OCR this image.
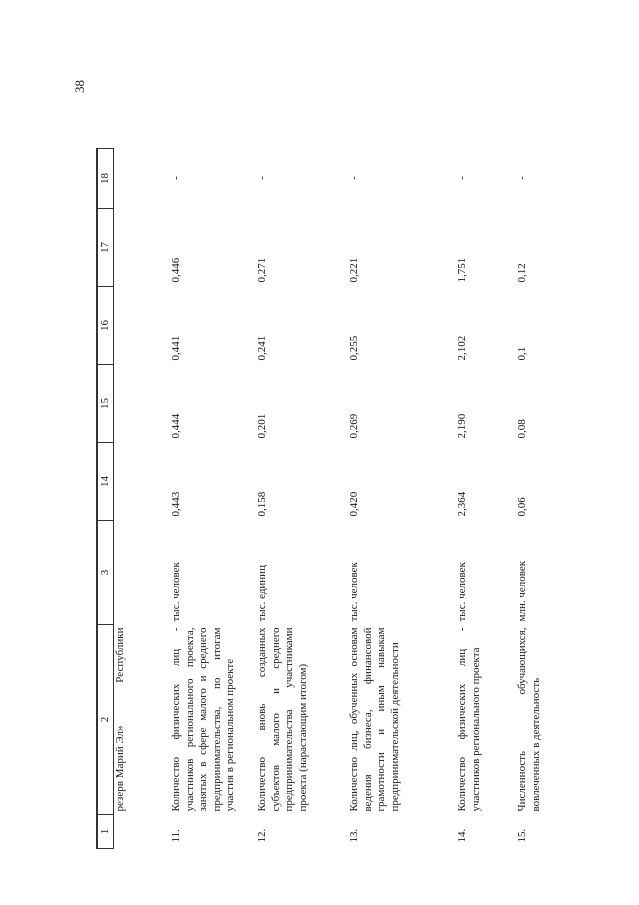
38
1	2	3	14	15	16	17	18
	резерв Марий Эл»
Республики						

11.	Количество физических лиц - участников регионального проекта, занятых в сфере малого и среднего предпринимательства, по итогам участия в региональном проекте	тыс. человек	0,443	0,444	0,441	0,446	-
12.	Количество вновь созданных субъектов малого и среднего предпринимательства участниками проекта (нарастающим итогом)	тыс. единиц	0,158	0,201	0,241	0,271	-
13.	Количество лиц, обученных основам ведения бизнеса, финансовой грамотности и иным навыкам предпринимательской деятельности	тыс. человек	0,420	0,269	0,255	0,221	-
14.	Количество физических лиц - участников регионального проекта	тыс. человек	2,364	2,190	2,102	1,751	-
15.	Численность обучающихся, вовлеченных в деятельность	млн. человек	0,06	0,08	0,1	0,12	-
